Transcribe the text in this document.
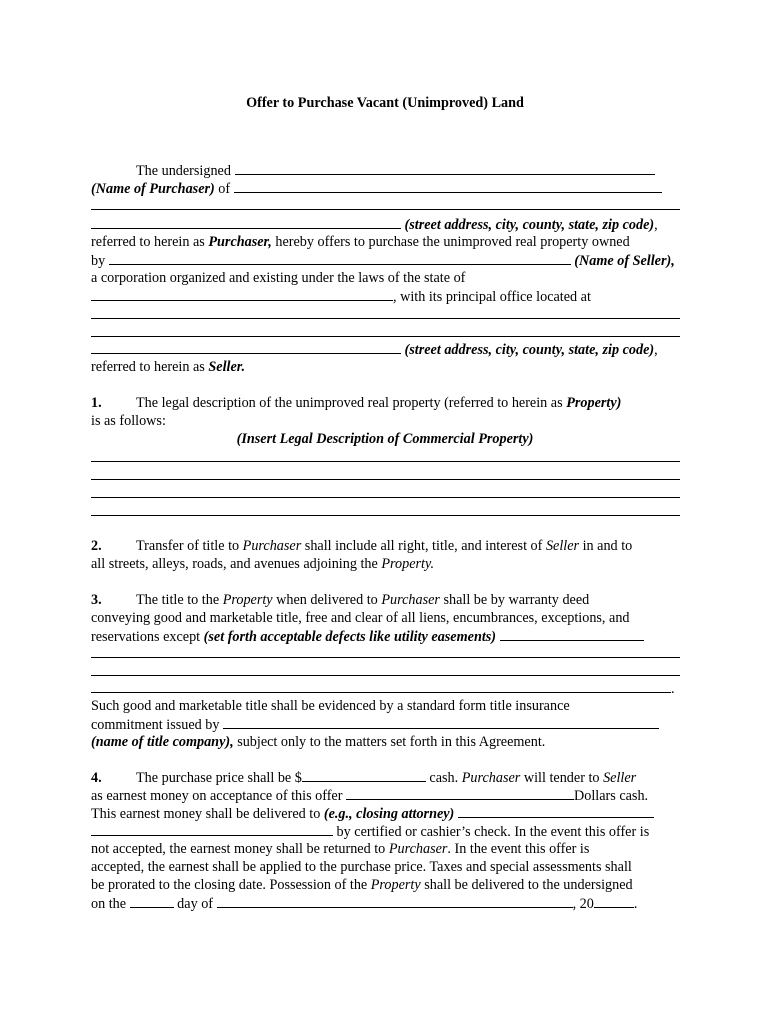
Offer to Purchase Vacant (Unimproved) Land
The undersigned
(Name of Purchaser) of
(street address, city, county, state, zip code),
referred to herein as Purchaser, hereby offers to purchase the unimproved real property owned
by	(Name of Seller),
a corporation organized and existing under the laws of the state of
, with its principal office located at
(street address, city, county, state, zip code),
referred to herein as Seller.
1. The legal description of the unimproved real property (referred to herein as Property)
is as follows:
(Insert Legal Description of Commercial Property)
2. Transfer of title to Purchaser shall include all right, title, and interest of Seller in and to
all streets, alleys, roads, and avenues adjoining the Property.
3. The title to the Property when delivered to Purchaser shall be by warranty deed
conveying good and marketable title, free and clear of all liens, encumbrances, exceptions, and
reservations except (set forth acceptable defects like utility easements)
.
Such good and marketable title shall be evidenced by a standard form title insurance
commitment issued by
(name of title company), subject only to the matters set forth in this Agreement.
4. The purchase price shall be $	cash. Purchaser will tender to Seller
as earnest money on acceptance of this offer	Dollars cash.
This earnest money shall be delivered to (e.g., closing attorney)
by certified or cashier’s check. In the event this offer is
not accepted, the earnest money shall be returned to Purchaser. In the event this offer is
accepted, the earnest shall be applied to the purchase price. Taxes and special assessments shall
be prorated to the closing date. Possession of the Property shall be delivered to the undersigned
on the	day of	, 20	.
